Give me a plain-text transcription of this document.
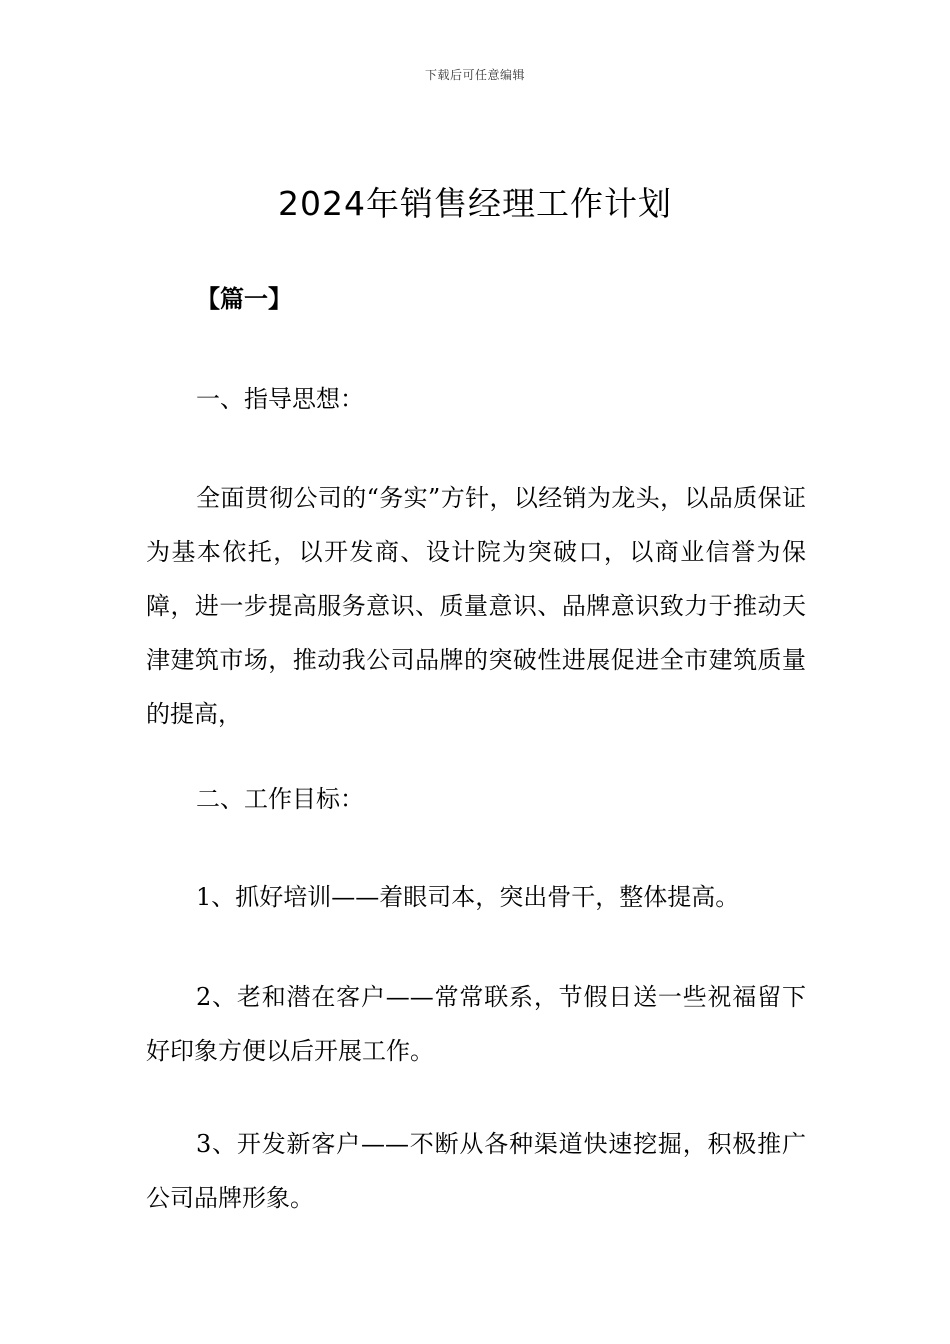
下载后可任意编辑
2024年销售经理工作计划

【篇一】

一、指导思想：

全面贯彻公司的“务实”方针，以经销为龙头，以品质保证为基本依托，以开发商、设计院为突破口，以商业信誉为保障，进一步提高服务意识、质量意识、品牌意识致力于推动天津建筑市场，推动我公司品牌的突破性进展促进全市建筑质量的提高，

二、工作目标：

1、抓好培训——着眼司本，突出骨干，整体提高。

2、老和潜在客户——常常联系，节假日送一些祝福留下好印象方便以后开展工作。

3、开发新客户——不断从各种渠道快速挖掘，积极推广公司品牌形象。
